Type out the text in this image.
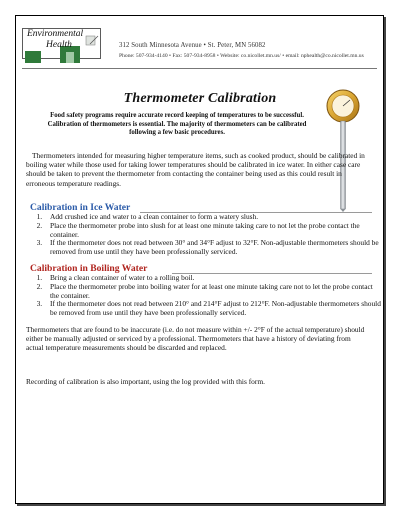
Environmental
Health	312 South Minnesota Avenue • St. Peter, MN 56082
Phone: 507-934-4140 • Fax: 507-934-8958 • Website: co.nicollet.mn.us/ • email: nphealth@co.nicollet.mn.us
Thermometer Calibration
Food safety programs require accurate record keeping of temperatures to be successful. Calibration of thermometers is essential. The majority of thermometers can be calibrated following a few basic procedures.
Thermometers intended for measuring higher temperature items, such as cooked product, should be calibrated in boiling water while those used for taking lower temperatures should be calibrated in ice water. In either case care should be taken to prevent the thermometer from contacting the container being used as this could result in erroneous temperature readings.
Calibration in Ice Water
1. Add crushed ice and water to a clean container to form a watery slush.
2. Place the thermometer probe into slush for at least one minute taking care to not let the probe contact the container.
3. If the thermometer does not read between 30° and 34°F adjust to 32°F. Non-adjustable thermometers should be removed from use until they have been professionally serviced.
Calibration in Boiling Water
1. Bring a clean container of water to a rolling boil.
2. Place the thermometer probe into boiling water for at least one minute taking care not to let the probe contact the container.
3. If the thermometer does not read between 210° and 214°F adjust to 212°F. Non-adjustable thermometers should be removed from use until they have been professionally serviced.
Thermometers that are found to be inaccurate (i.e. do not measure within +/- 2°F of the actual temperature) should either be manually adjusted or serviced by a professional. Thermometers that have a history of deviating from actual temperature measurements should be discarded and replaced.
Recording of calibration is also important, using the log provided with this form.
